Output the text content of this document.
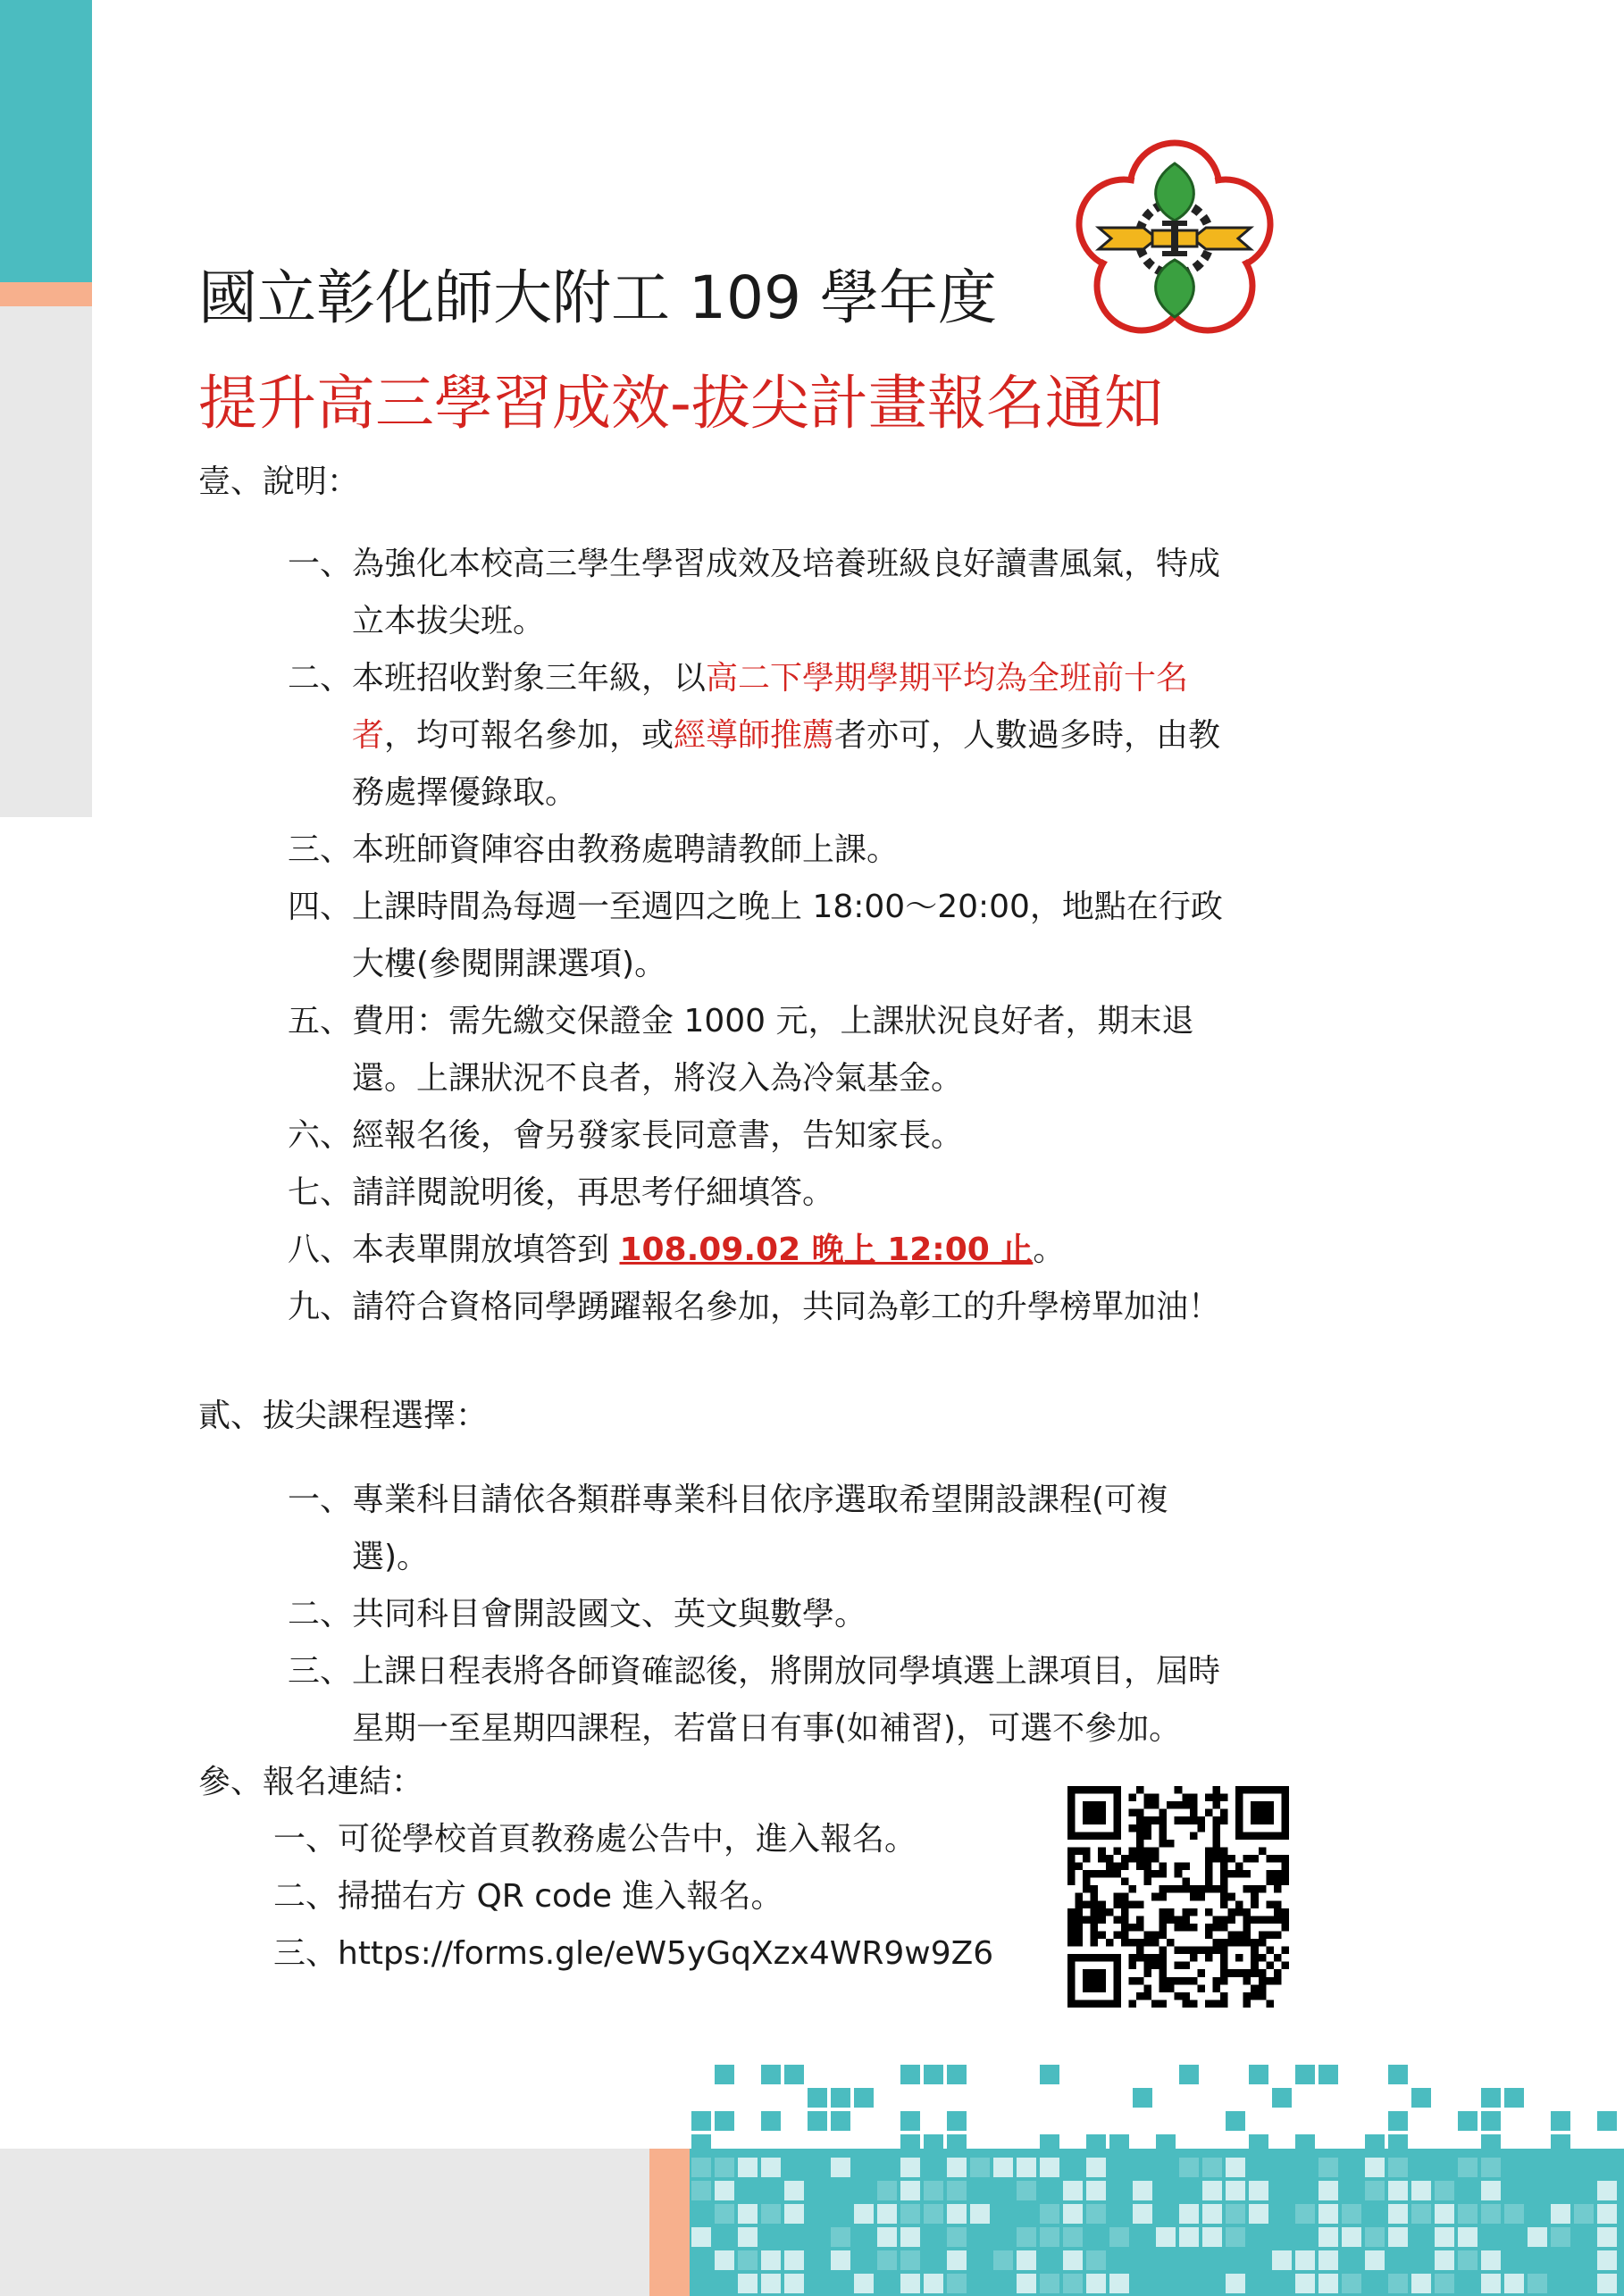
國立彰化師大附工 109 學年度
提升高三學習成效-拔尖計畫報名通知
壹、說明：
一、 為強化本校高三學生學習成效及培養班級良好讀書風氣，特成立本拔尖班。
二、 本班招收對象三年級，以高二下學期學期平均為全班前十名者，均可報名參加，或經導師推薦者亦可，人數過多時，由教務處擇優錄取。
三、 本班師資陣容由教務處聘請教師上課。
四、 上課時間為每週一至週四之晚上 18:00～20:00，地點在行政大樓(參閱開課選項)。
五、 費用：需先繳交保證金 1000 元，上課狀況良好者，期末退還。上課狀況不良者，將沒入為冷氣基金。
六、 經報名後，會另發家長同意書，告知家長。
七、 請詳閱說明後，再思考仔細填答。
八、 本表單開放填答到 108.09.02 晚上 12:00 止。
九、 請符合資格同學踴躍報名參加，共同為彰工的升學榜單加油！
貳、拔尖課程選擇：
一、 專業科目請依各類群專業科目依序選取希望開設課程(可複選)。
二、 共同科目會開設國文、英文與數學。
三、 上課日程表將各師資確認後，將開放同學填選上課項目，屆時星期一至星期四課程，若當日有事(如補習)，可選不參加。
參、報名連結：
一、可從學校首頁教務處公告中，進入報名。
二、掃描右方 QR code 進入報名。
三、https://forms.gle/eW5yGqXzx4WR9w9Z6
